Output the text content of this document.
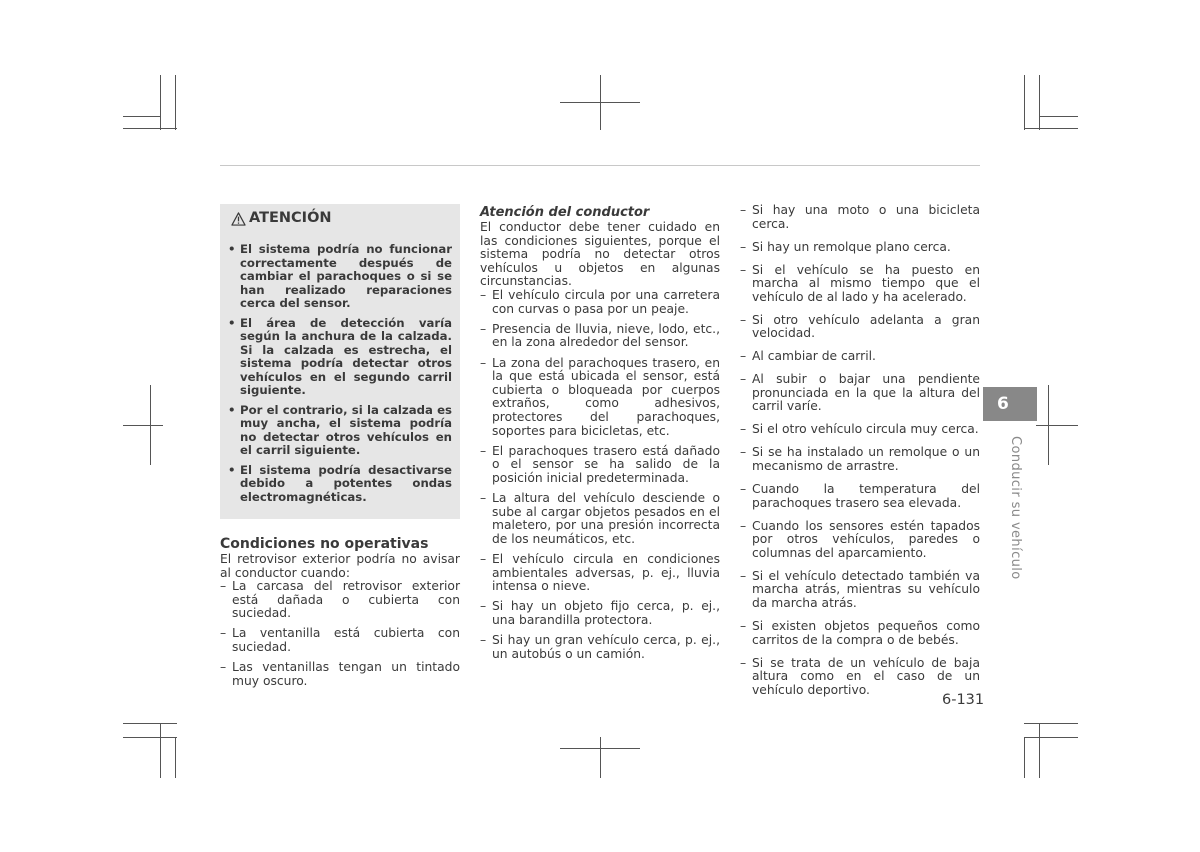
ATENCIÓN
• El sistema podría no funcionar correctamente después de cambiar el parachoques o si se han realizado reparaciones cerca del sensor.
• El área de detección varía según la anchura de la calzada. Si la calzada es estrecha, el sistema podría detectar otros vehículos en el segundo carril siguiente.
• Por el contrario, si la calzada es muy ancha, el sistema podría no detectar otros vehículos en el carril siguiente.
• El sistema podría desactivarse debido a potentes ondas electromagnéticas.
Condiciones no operativas

El retrovisor exterior podría no avisar al conductor cuando:

– La carcasa del retrovisor exterior está dañada o cubierta con suciedad.
– La ventanilla está cubierta con suciedad.
– Las ventanillas tengan un tintado muy oscuro.
Atención del conductor

El conductor debe tener cuidado en las condiciones siguientes, porque el sistema podría no detectar otros vehículos u objetos en algunas circunstancias.

– El vehículo circula por una carretera con curvas o pasa por un peaje.
– Presencia de lluvia, nieve, lodo, etc., en la zona alrededor del sensor.
– La zona del parachoques trasero, en la que está ubicada el sensor, está cubierta o bloqueada por cuerpos extraños, como adhesivos, protectores del parachoques, soportes para bicicletas, etc.
– El parachoques trasero está dañado o el sensor se ha salido de la posición inicial predeterminada.
– La altura del vehículo desciende o sube al cargar objetos pesados en el maletero, por una presión incorrecta de los neumáticos, etc.
– El vehículo circula en condiciones ambientales adversas, p. ej., lluvia intensa o nieve.
– Si hay un objeto fijo cerca, p. ej., una barandilla protectora.
– Si hay un gran vehículo cerca, p. ej., un autobús o un camión.
– Si hay una moto o una bicicleta cerca.
– Si hay un remolque plano cerca.
– Si el vehículo se ha puesto en marcha al mismo tiempo que el vehículo de al lado y ha acelerado.
– Si otro vehículo adelanta a gran velocidad.
– Al cambiar de carril.
– Al subir o bajar una pendiente pronunciada en la que la altura del carril varíe.
– Si el otro vehículo circula muy cerca.
– Si se ha instalado un remolque o un mecanismo de arrastre.
– Cuando la temperatura del parachoques trasero sea elevada.
– Cuando los sensores estén tapados por otros vehículos, paredes o columnas del aparcamiento.
– Si el vehículo detectado también va marcha atrás, mientras su vehículo da marcha atrás.
– Si existen objetos pequeños como carritos de la compra o de bebés.
– Si se trata de un vehículo de baja altura como en el caso de un vehículo deportivo.
6
Conducir su vehículo
6-131
